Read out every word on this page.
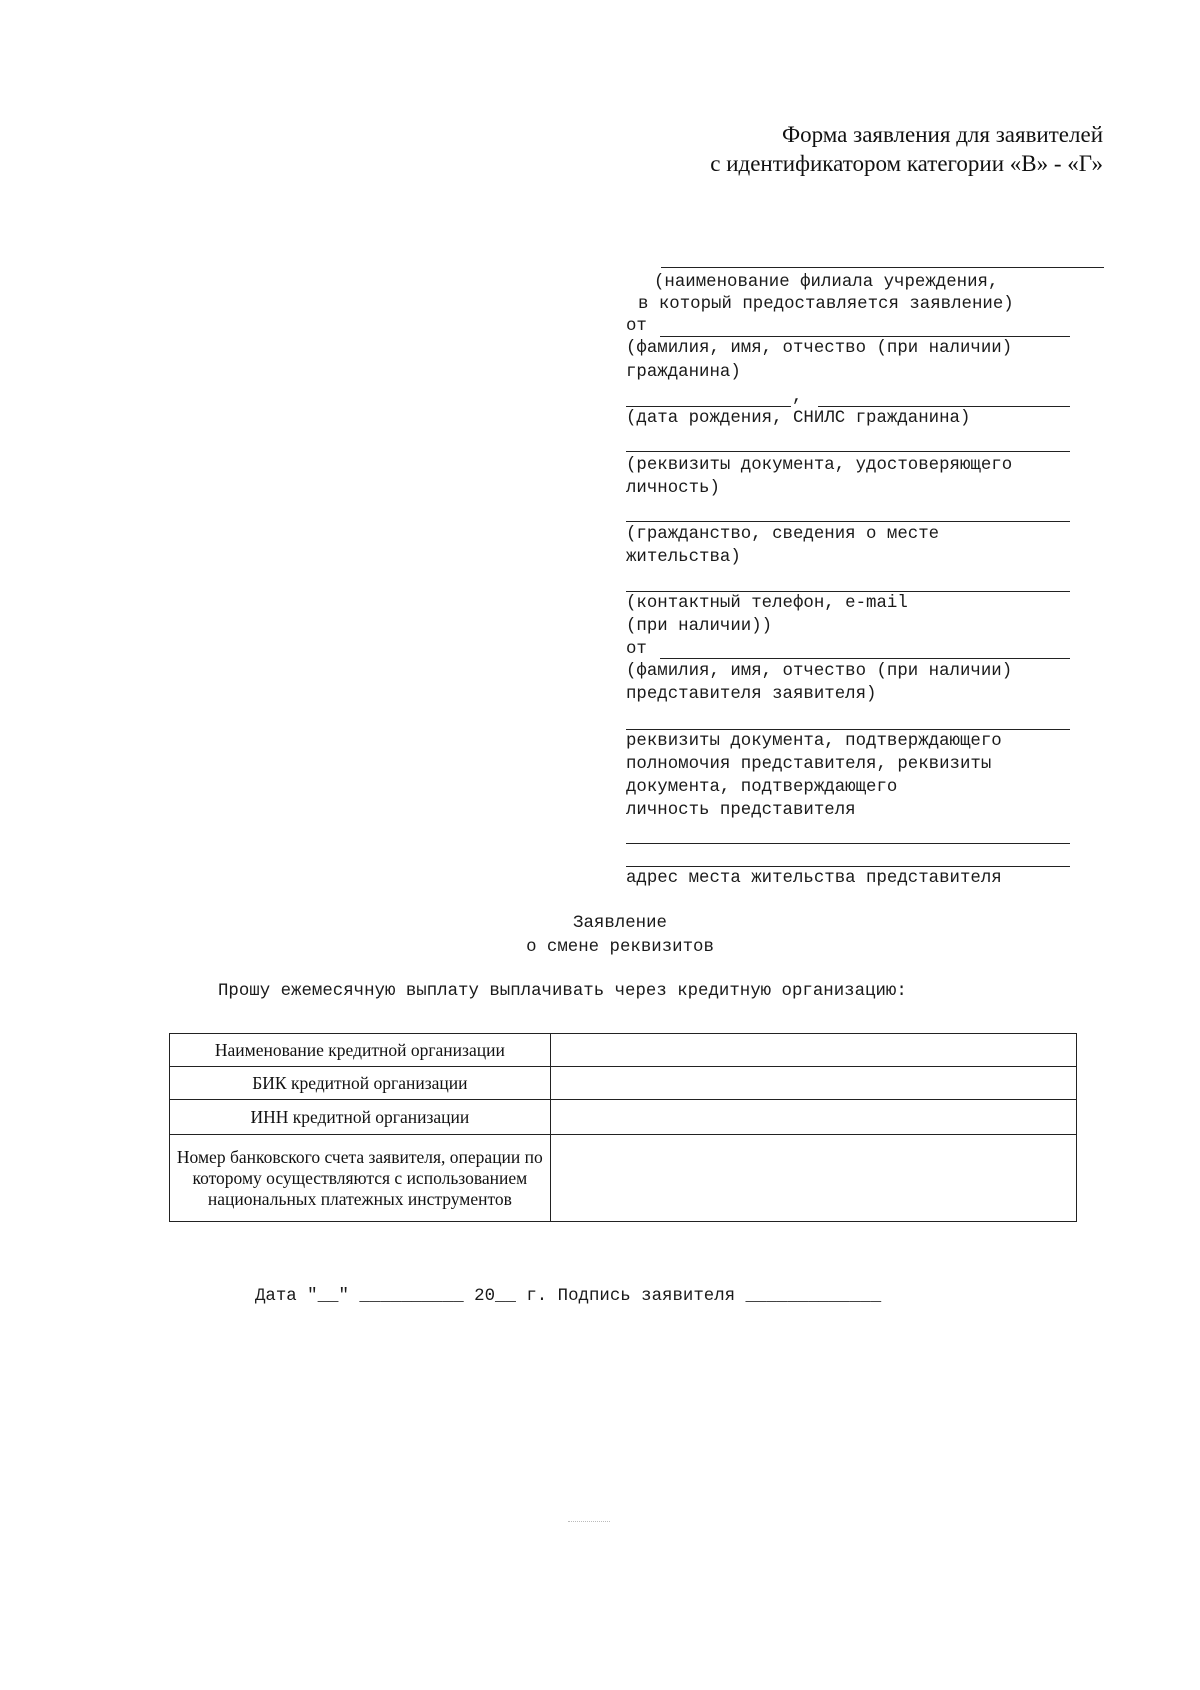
Форма заявления для заявителей
с идентификатором категории «В» - «Г»
(наименование филиала учреждения,
в который предоставляется заявление)
от
(фамилия, имя, отчество (при наличии)
гражданина)
,
(дата рождения, СНИЛС гражданина)
(реквизиты документа, удостоверяющего
личность)
(гражданство, сведения о месте
жительства)
(контактный телефон, e-mail
(при наличии))
от
(фамилия, имя, отчество (при наличии)
представителя заявителя)
реквизиты документа, подтверждающего
полномочия представителя, реквизиты
документа, подтверждающего
личность представителя
адрес места жительства представителя
Заявление
о смене реквизитов
Прошу ежемесячную выплату выплачивать через кредитную организацию:
Наименование кредитной организации	
БИК кредитной организации	
ИНН кредитной организации	
Номер банковского счета заявителя, операции по которому осуществляются с использованием национальных платежных инструментов	
Дата "__" __________ 20__ г. Подпись заявителя _____________
